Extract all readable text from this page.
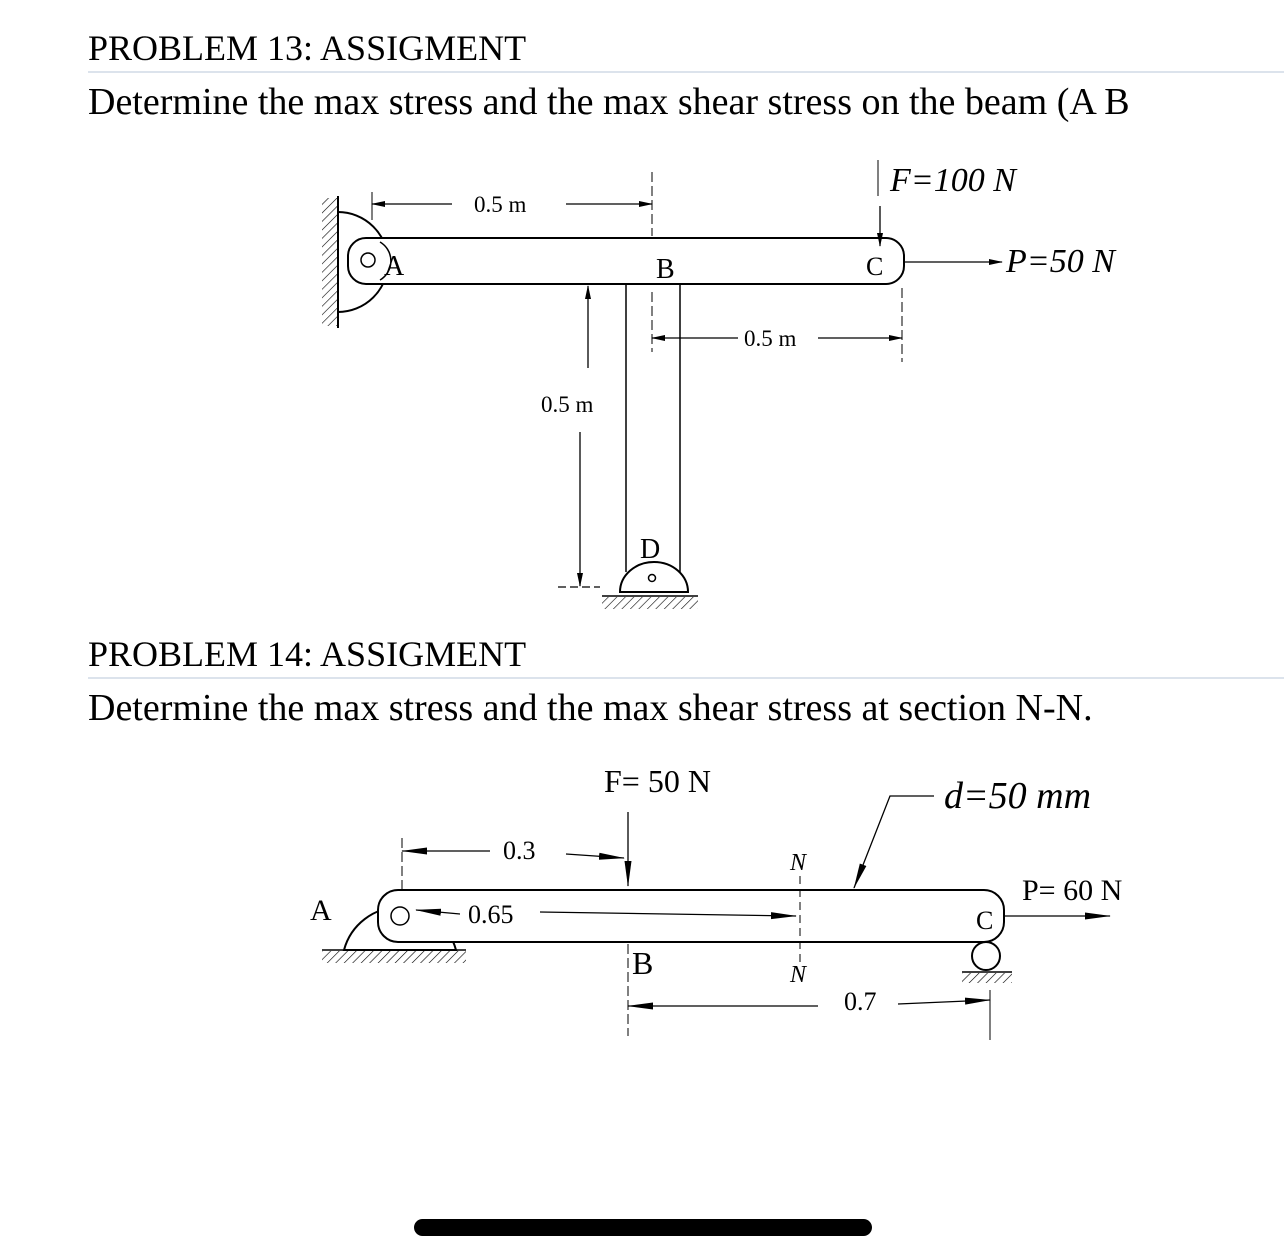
PROBLEM 13: ASSIGMENT
Determine the max stress and the max shear stress on the beam (A B
0.5 m
0.5 m
0.5 m
F=100 N
P=50 N
A	B	C
D
PROBLEM 14: ASSIGMENT
Determine the max stress and the max shear stress at section N-N.
0.3
F= 50 N
0.65
N
N
d=50 mm
P= 60 N
0.7
A
B
C
